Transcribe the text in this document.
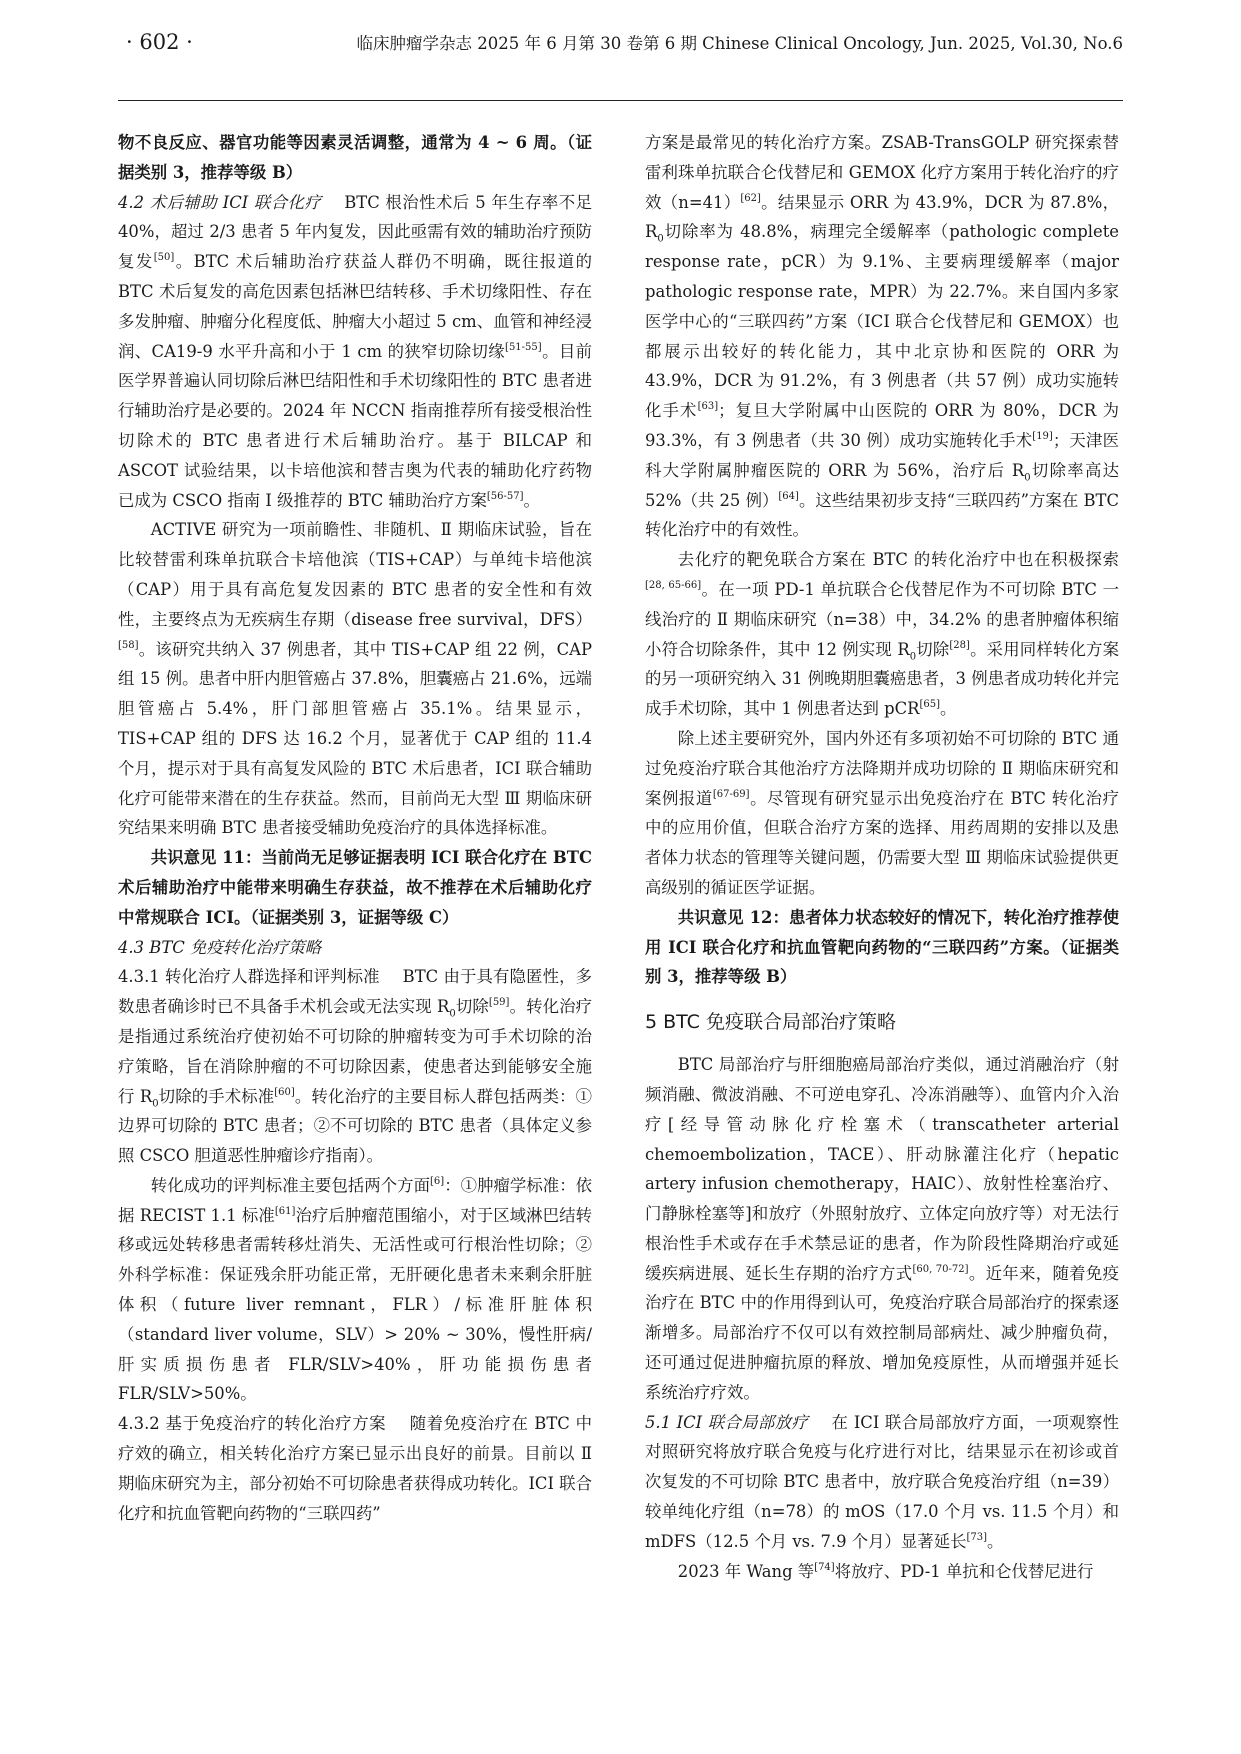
· 602 ·	临床肿瘤学杂志 2025 年 6 月第 30 卷第 6 期 Chinese Clinical Oncology, Jun. 2025, Vol.30, No.6

物不良反应、器官功能等因素灵活调整，通常为 4 ~ 6 周。（证据类别 3，推荐等级 B）

4.2 术后辅助 ICI 联合化疗 BTC 根治性术后 5 年生存率不足 40%，超过 2/3 患者 5 年内复发，因此亟需有效的辅助治疗预防复发[50]。BTC 术后辅助治疗获益人群仍不明确，既往报道的 BTC 术后复发的高危因素包括淋巴结转移、手术切缘阳性、存在多发肿瘤、肿瘤分化程度低、肿瘤大小超过 5 cm、血管和神经浸润、CA19-9 水平升高和小于 1 cm 的狭窄切除切缘[51-55]。目前医学界普遍认同切除后淋巴结阳性和手术切缘阳性的 BTC 患者进行辅助治疗是必要的。2024 年 NCCN 指南推荐所有接受根治性切除术的 BTC 患者进行术后辅助治疗。基于 BILCAP 和 ASCOT 试验结果，以卡培他滨和替吉奥为代表的辅助化疗药物已成为 CSCO 指南 Ⅰ 级推荐的 BTC 辅助治疗方案[56-57]。

ACTIVE 研究为一项前瞻性、非随机、Ⅱ 期临床试验，旨在比较替雷利珠单抗联合卡培他滨（TIS+CAP）与单纯卡培他滨（CAP）用于具有高危复发因素的 BTC 患者的安全性和有效性，主要终点为无疾病生存期（disease free survival，DFS）[58]。该研究共纳入 37 例患者，其中 TIS+CAP 组 22 例，CAP 组 15 例。患者中肝内胆管癌占 37.8%，胆囊癌占 21.6%，远端胆管癌占 5.4%，肝门部胆管癌占 35.1%。结果显示，TIS+CAP 组的 DFS 达 16.2 个月，显著优于 CAP 组的 11.4 个月，提示对于具有高复发风险的 BTC 术后患者，ICI 联合辅助化疗可能带来潜在的生存获益。然而，目前尚无大型 Ⅲ 期临床研究结果来明确 BTC 患者接受辅助免疫治疗的具体选择标准。

共识意见 11：当前尚无足够证据表明 ICI 联合化疗在 BTC 术后辅助治疗中能带来明确生存获益，故不推荐在术后辅助化疗中常规联合 ICI。（证据类别 3，证据等级 C）

4.3 BTC 免疫转化治疗策略

4.3.1 转化治疗人群选择和评判标准 BTC 由于具有隐匿性，多数患者确诊时已不具备手术机会或无法实现 $R_0$切除[59]。转化治疗是指通过系统治疗使初始不可切除的肿瘤转变为可手术切除的治疗策略，旨在消除肿瘤的不可切除因素，使患者达到能够安全施行 $R_0$切除的手术标准[60]。转化治疗的主要目标人群包括两类：①边界可切除的 BTC 患者；②不可切除的 BTC 患者（具体定义参照 CSCO 胆道恶性肿瘤诊疗指南）。

转化成功的评判标准主要包括两个方面[6]：①肿瘤学标准：依据 RECIST 1.1 标准[61]治疗后肿瘤范围缩小，对于区域淋巴结转移或远处转移患者需转移灶消失、无活性或可行根治性切除；②外科学标准：保证残余肝功能正常，无肝硬化患者未来剩余肝脏体积（future liver remnant，FLR）/标准肝脏体积（standard liver volume，SLV）> 20% ~ 30%，慢性肝病/肝实质损伤患者 FLR/SLV>40%，肝功能损伤患者 FLR/SLV>50%。

4.3.2 基于免疫治疗的转化治疗方案 随着免疫治疗在 BTC 中疗效的确立，相关转化治疗方案已显示出良好的前景。目前以 Ⅱ 期临床研究为主，部分初始不可切除患者获得成功转化。ICI 联合化疗和抗血管靶向药物的“三联四药”

方案是最常见的转化治疗方案。ZSAB-TransGOLP 研究探索替雷利珠单抗联合仑伐替尼和 GEMOX 化疗方案用于转化治疗的疗效（n=41）[62]。结果显示 ORR 为 43.9%，DCR 为 87.8%，$R_0$切除率为 48.8%，病理完全缓解率（pathologic complete response rate，pCR）为 9.1%、主要病理缓解率（major pathologic response rate，MPR）为 22.7%。来自国内多家医学中心的“三联四药”方案（ICI 联合仑伐替尼和 GEMOX）也都展示出较好的转化能力，其中北京协和医院的 ORR 为 43.9%，DCR 为 91.2%，有 3 例患者（共 57 例）成功实施转化手术[63]；复旦大学附属中山医院的 ORR 为 80%，DCR 为 93.3%，有 3 例患者（共 30 例）成功实施转化手术[19]；天津医科大学附属肿瘤医院的 ORR 为 56%，治疗后 $R_0$切除率高达 52%（共 25 例）[64]。这些结果初步支持“三联四药”方案在 BTC 转化治疗中的有效性。

去化疗的靶免联合方案在 BTC 的转化治疗中也在积极探索[28, 65-66]。在一项 PD-1 单抗联合仑伐替尼作为不可切除 BTC 一线治疗的 Ⅱ 期临床研究（n=38）中，34.2% 的患者肿瘤体积缩小符合切除条件，其中 12 例实现 $R_0$切除[28]。采用同样转化方案的另一项研究纳入 31 例晚期胆囊癌患者，3 例患者成功转化并完成手术切除，其中 1 例患者达到 pCR[65]。

除上述主要研究外，国内外还有多项初始不可切除的 BTC 通过免疫治疗联合其他治疗方法降期并成功切除的 Ⅱ 期临床研究和案例报道[67-69]。尽管现有研究显示出免疫治疗在 BTC 转化治疗中的应用价值，但联合治疗方案的选择、用药周期的安排以及患者体力状态的管理等关键问题，仍需要大型 Ⅲ 期临床试验提供更高级别的循证医学证据。

共识意见 12：患者体力状态较好的情况下，转化治疗推荐使用 ICI 联合化疗和抗血管靶向药物的“三联四药”方案。（证据类别 3，推荐等级 B）

5 BTC 免疫联合局部治疗策略

BTC 局部治疗与肝细胞癌局部治疗类似，通过消融治疗（射频消融、微波消融、不可逆电穿孔、冷冻消融等）、血管内介入治疗[经导管动脉化疗栓塞术（transcatheter arterial chemoembolization，TACE）、肝动脉灌注化疗（hepatic artery infusion chemotherapy，HAIC）、放射性栓塞治疗、门静脉栓塞等]和放疗（外照射放疗、立体定向放疗等）对无法行根治性手术或存在手术禁忌证的患者，作为阶段性降期治疗或延缓疾病进展、延长生存期的治疗方式[60, 70-72]。近年来，随着免疫治疗在 BTC 中的作用得到认可，免疫治疗联合局部治疗的探索逐渐增多。局部治疗不仅可以有效控制局部病灶、减少肿瘤负荷，还可通过促进肿瘤抗原的释放、增加免疫原性，从而增强并延长系统治疗疗效。

5.1 ICI 联合局部放疗 在 ICI 联合局部放疗方面，一项观察性对照研究将放疗联合免疫与化疗进行对比，结果显示在初诊或首次复发的不可切除 BTC 患者中，放疗联合免疫治疗组（n=39）较单纯化疗组（n=78）的 mOS（17.0 个月 vs. 11.5 个月）和 mDFS（12.5 个月 vs. 7.9 个月）显著延长[73]。

2023 年 Wang 等[74]将放疗、PD-1 单抗和仑伐替尼进行
